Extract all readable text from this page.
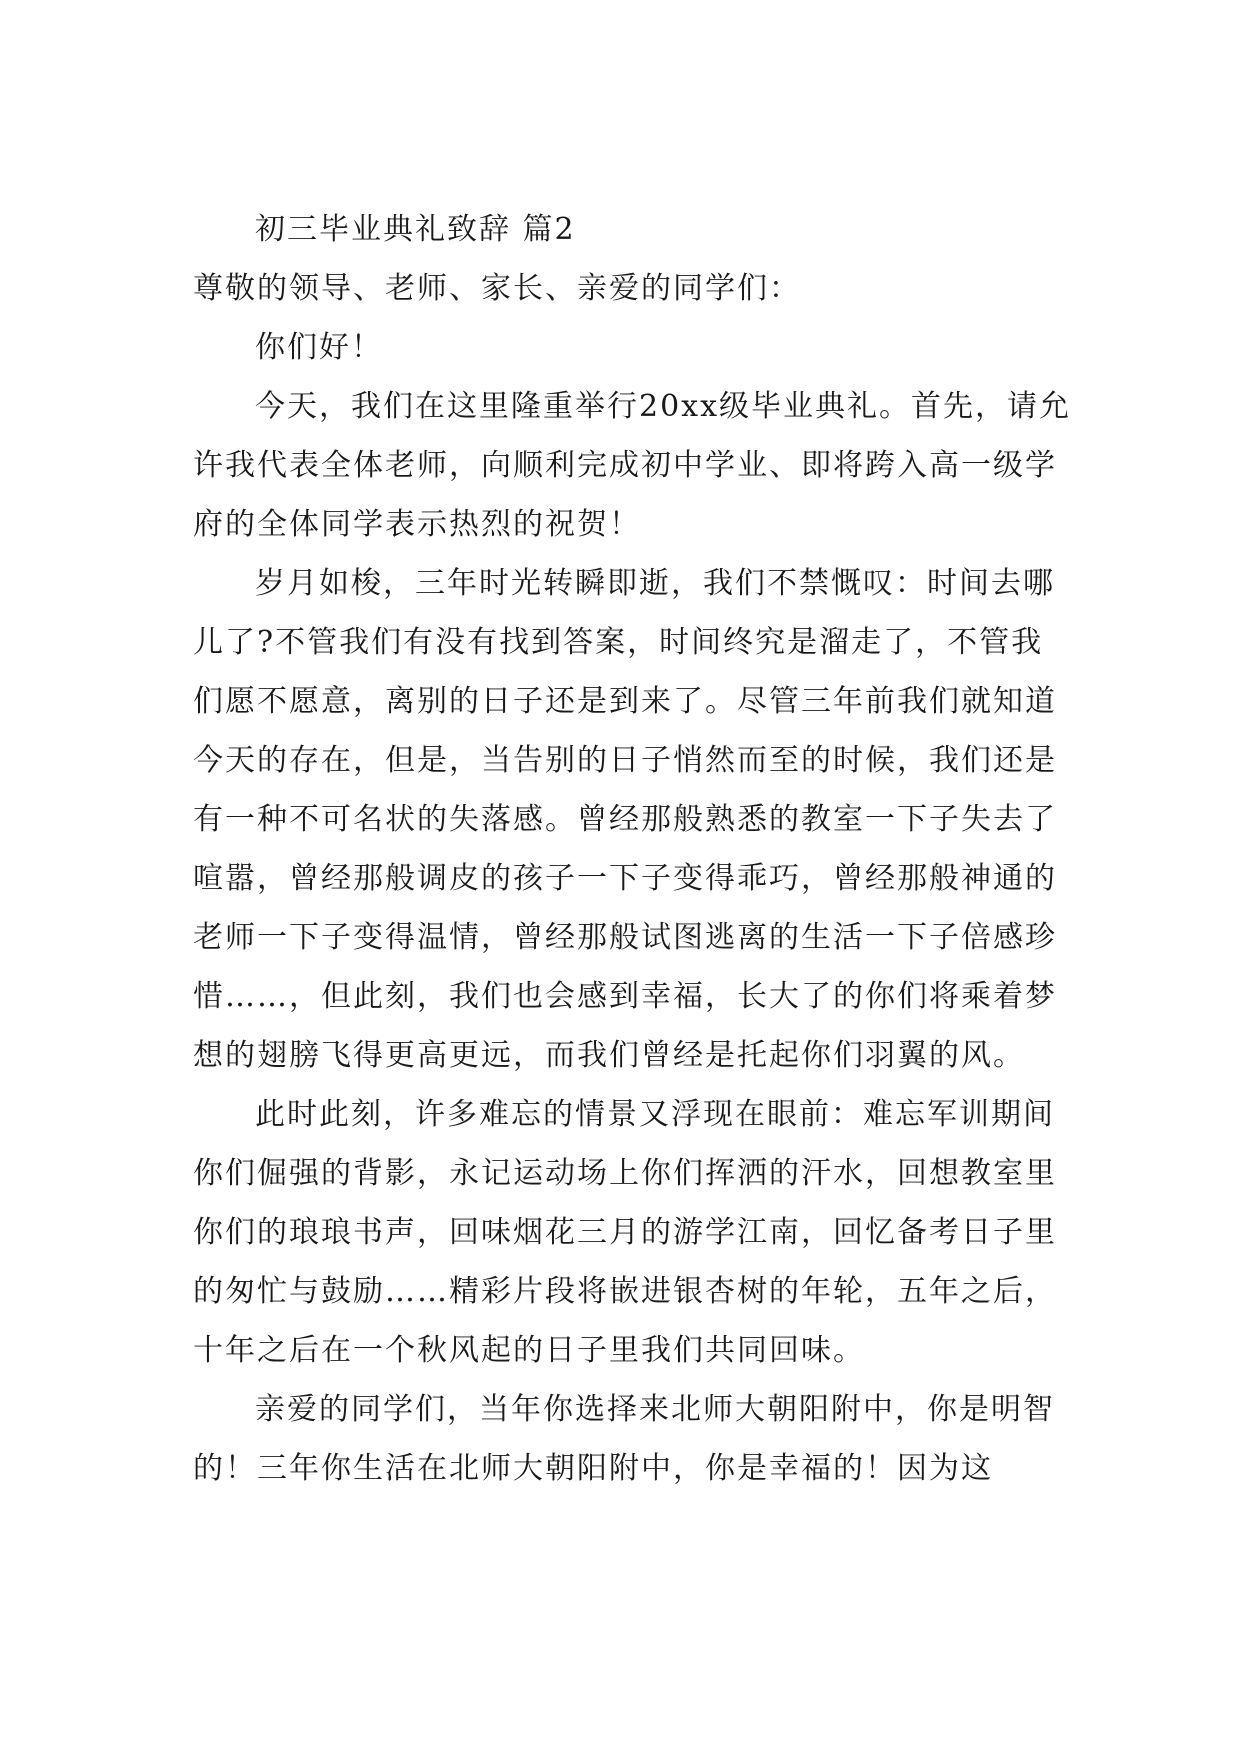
初三毕业典礼致辞 篇2

尊敬的领导、老师、家长、亲爱的同学们：

你们好！

今天，我们在这里隆重举行20xx级毕业典礼。首先，请允许我代表全体老师，向顺利完成初中学业、即将跨入高一级学府的全体同学表示热烈的祝贺！

岁月如梭，三年时光转瞬即逝，我们不禁慨叹：时间去哪儿了?不管我们有没有找到答案，时间终究是溜走了，不管我们愿不愿意，离别的日子还是到来了。尽管三年前我们就知道今天的存在，但是，当告别的日子悄然而至的时候，我们还是有一种不可名状的失落感。曾经那般熟悉的教室一下子失去了喧嚣，曾经那般调皮的孩子一下子变得乖巧，曾经那般神通的老师一下子变得温情，曾经那般试图逃离的生活一下子倍感珍惜……，但此刻，我们也会感到幸福，长大了的你们将乘着梦想的翅膀飞得更高更远，而我们曾经是托起你们羽翼的风。

此时此刻，许多难忘的情景又浮现在眼前：难忘军训期间你们倔强的背影，永记运动场上你们挥洒的汗水，回想教室里你们的琅琅书声，回味烟花三月的游学江南，回忆备考日子里的匆忙与鼓励……精彩片段将嵌进银杏树的年轮，五年之后，十年之后在一个秋风起的日子里我们共同回味。

亲爱的同学们，当年你选择来北师大朝阳附中，你是明智的！三年你生活在北师大朝阳附中，你是幸福的！因为这
